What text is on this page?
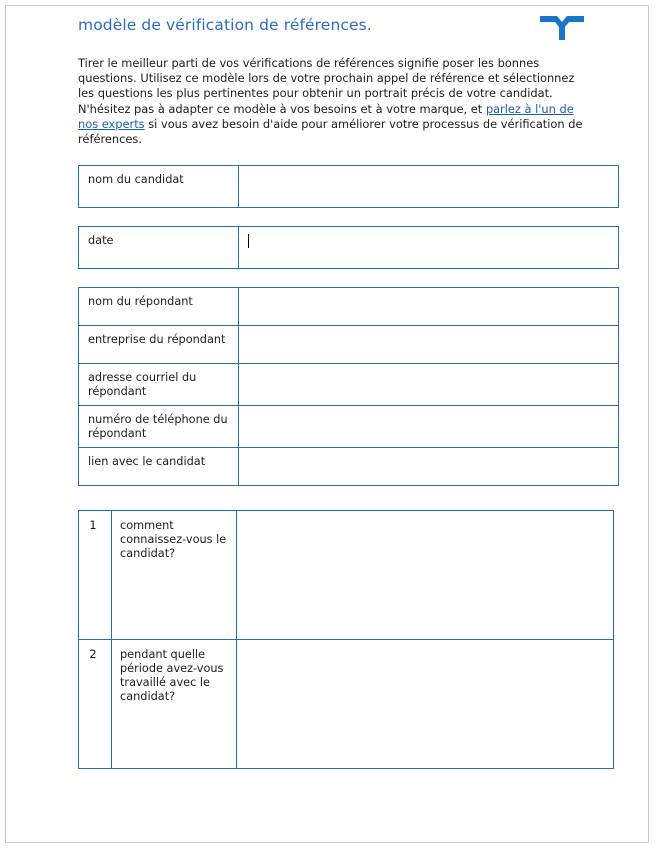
modèle de vérification de références.
Tirer le meilleur parti de vos vérifications de références signifie poser les bonnes questions. Utilisez ce modèle lors de votre prochain appel de référence et sélectionnez les questions les plus pertinentes pour obtenir un portrait précis de votre candidat. N'hésitez pas à adapter ce modèle à vos besoins et à votre marque, et parlez à l'un de nos experts si vous avez besoin d'aide pour améliorer votre processus de vérification de références.
nom du candidat	
date	
nom du répondant	
entreprise du répondant	
adresse courriel du répondant	
numéro de téléphone du répondant	
lien avec le candidat	
1	comment connaissez-vous le candidat?	
2	pendant quelle période avez-vous travaillé avec le candidat?	
